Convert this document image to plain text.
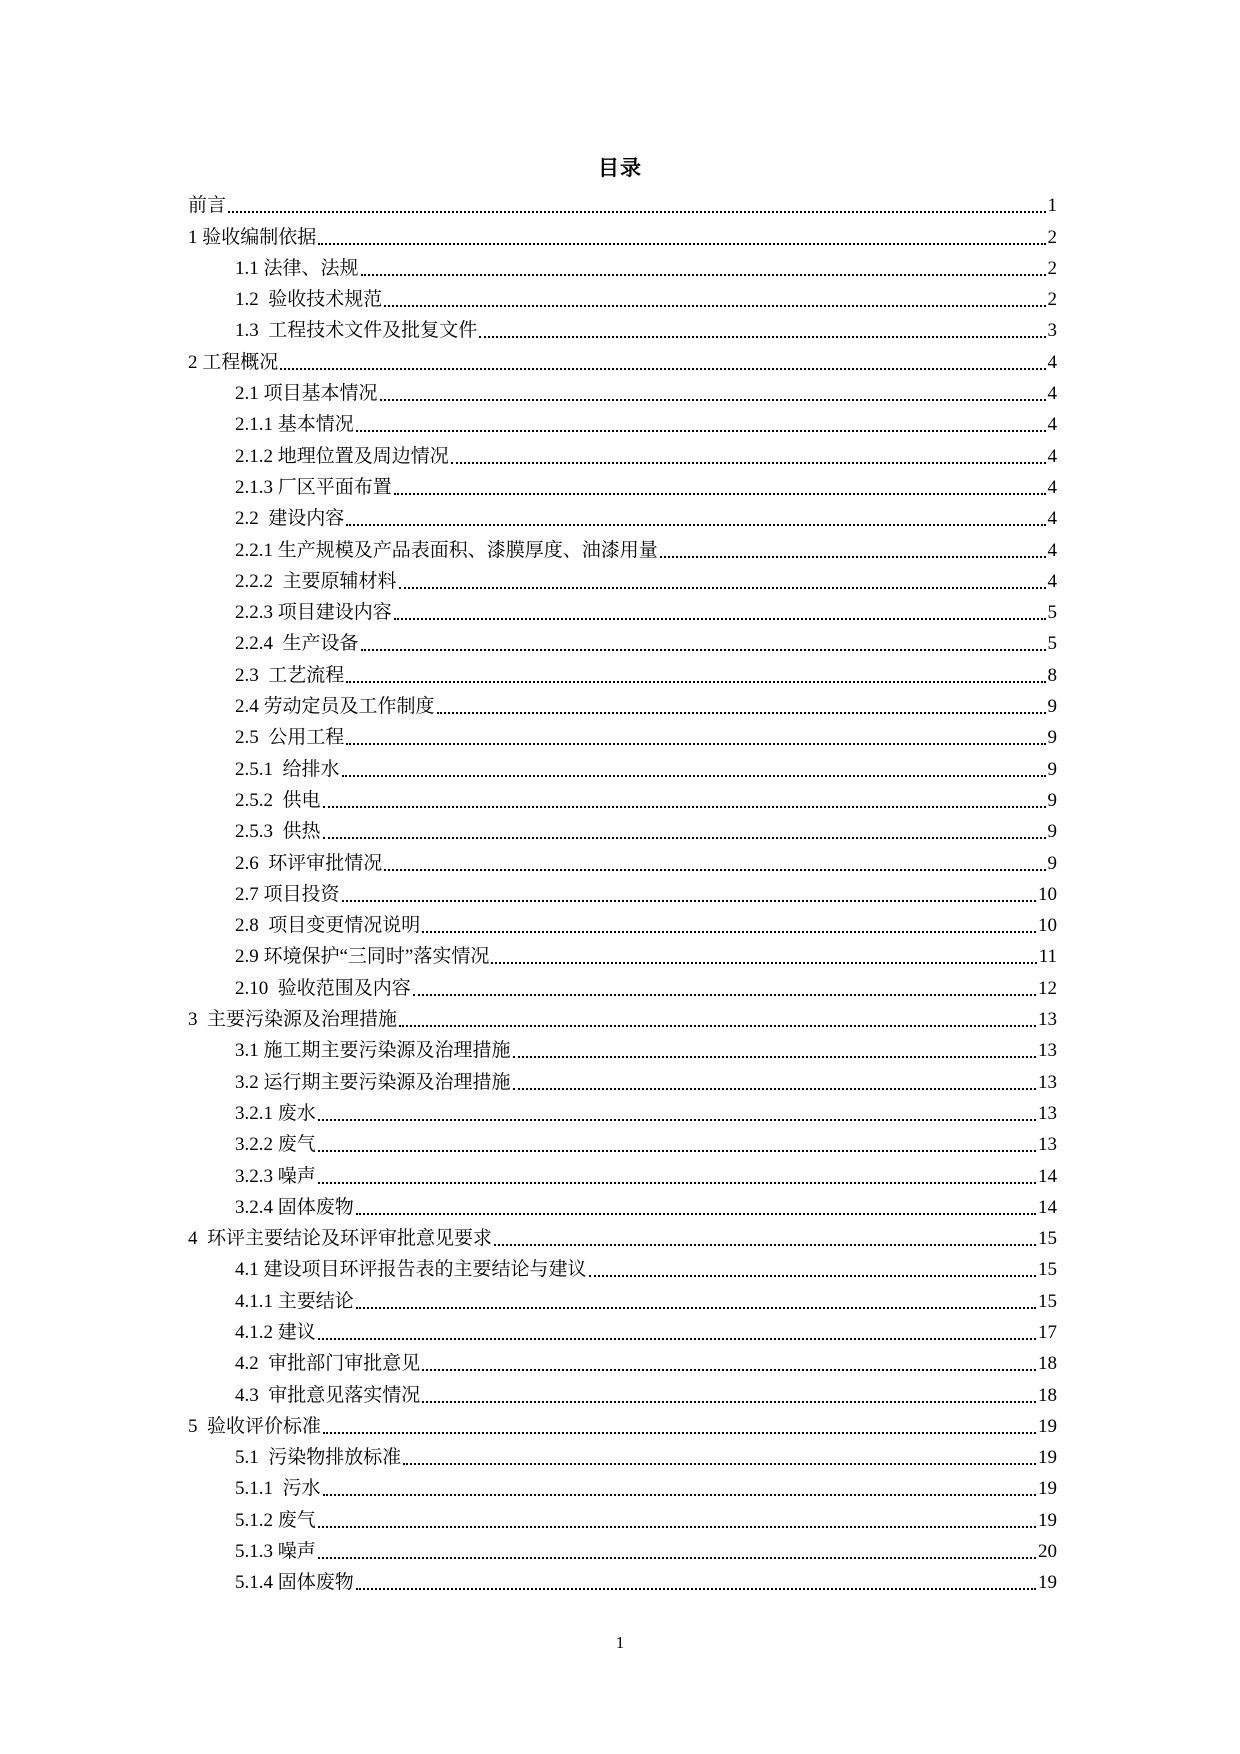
目录
前言	1
1 验收编制依据	2
1.1 法律、法规	2
1.2  验收技术规范	2
1.3  工程技术文件及批复文件	3
2 工程概况	4
2.1 项目基本情况	4
2.1.1 基本情况	4
2.1.2 地理位置及周边情况	4
2.1.3 厂区平面布置	4
2.2  建设内容	4
2.2.1 生产规模及产品表面积、漆膜厚度、油漆用量	4
2.2.2  主要原辅材料	4
2.2.3 项目建设内容	5
2.2.4  生产设备	5
2.3  工艺流程	8
2.4 劳动定员及工作制度	9
2.5  公用工程	9
2.5.1  给排水	9
2.5.2  供电	9
2.5.3  供热	9
2.6  环评审批情况	9
2.7 项目投资	10
2.8  项目变更情况说明	10
2.9 环境保护“三同时”落实情况	11
2.10  验收范围及内容	12
3  主要污染源及治理措施	13
3.1 施工期主要污染源及治理措施	13
3.2 运行期主要污染源及治理措施	13
3.2.1 废水	13
3.2.2 废气	13
3.2.3 噪声	14
3.2.4 固体废物	14
4  环评主要结论及环评审批意见要求	15
4.1 建设项目环评报告表的主要结论与建议	15
4.1.1 主要结论	15
4.1.2 建议	17
4.2  审批部门审批意见	18
4.3  审批意见落实情况	18
5  验收评价标准	19
5.1  污染物排放标准	19
5.1.1  污水	19
5.1.2 废气	19
5.1.3 噪声	20
5.1.4 固体废物	19
1
